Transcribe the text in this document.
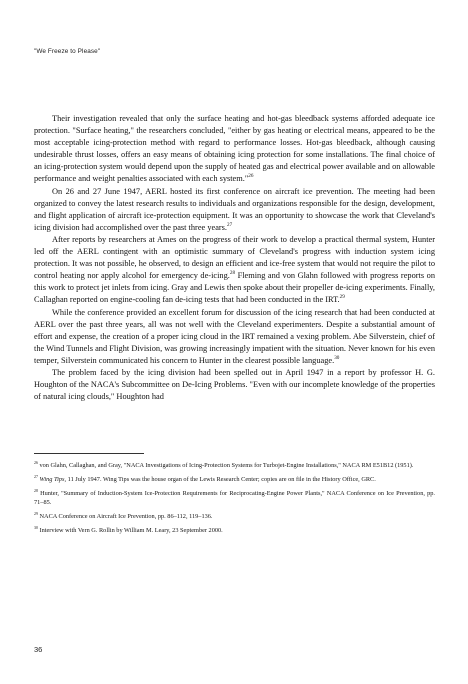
"We Freeze to Please"

Their investigation revealed that only the surface heating and hot-gas bleedback systems afforded adequate ice protection. "Surface heating," the researchers concluded, "either by gas heating or electrical means, appeared to be the most acceptable icing-protection method with regard to performance losses. Hot-gas bleedback, although causing undesirable thrust losses, offers an easy means of obtaining icing protection for some installations. The final choice of an icing-protection system would depend upon the supply of heated gas and electrical power available and on allowable performance and weight penalties associated with each system."$^{26}$

On 26 and 27 June 1947, AERL hosted its first conference on aircraft ice prevention. The meeting had been organized to convey the latest research results to individuals and organizations responsible for the design, development, and flight application of aircraft ice-protection equipment. It was an opportunity to showcase the work that Cleveland's icing division had accomplished over the past three years.$^{27}$

After reports by researchers at Ames on the progress of their work to develop a practical thermal system, Hunter led off the AERL contingent with an optimistic summary of Cleveland's progress with induction system icing protection. It was not possible, he observed, to design an efficient and ice-free system that would not require the pilot to control heating nor apply alcohol for emergency de-icing.$^{28}$ Fleming and von Glahn followed with progress reports on this work to protect jet inlets from icing. Gray and Lewis then spoke about their propeller de-icing experiments. Finally, Callaghan reported on engine-cooling fan de-icing tests that had been conducted in the IRT.$^{29}$

While the conference provided an excellent forum for discussion of the icing research that had been conducted at AERL over the past three years, all was not well with the Cleveland experimenters. Despite a substantial amount of effort and expense, the creation of a proper icing cloud in the IRT remained a vexing problem. Abe Silverstein, chief of the Wind Tunnels and Flight Division, was growing increasingly impatient with the situation. Never known for his even temper, Silverstein communicated his concern to Hunter in the clearest possible language.$^{30}$

The problem faced by the icing division had been spelled out in April 1947 in a report by professor H. G. Houghton of the NACA's Subcommittee on De-Icing Problems. "Even with our incomplete knowledge of the properties of natural icing clouds," Houghton had

$^{26}$ von Glahn, Callaghan, and Gray, "NACA Investigations of Icing-Protection Systems for Turbojet-Engine Installations," NACA RM E51B12 (1951).

$^{27}$ Wing Tips, 11 July 1947. Wing Tips was the house organ of the Lewis Research Center; copies are on file in the History Office, GRC.

$^{28}$ Hunter, "Summary of Induction-System Ice-Protection Requirements for Reciprocating-Engine Power Plants," NACA Conference on Ice Prevention, pp. 71–85.

$^{29}$ NACA Conference on Aircraft Ice Prevention, pp. 86–112, 119–136.

$^{30}$ Interview with Vern G. Rollin by William M. Leary, 23 September 2000.

36
